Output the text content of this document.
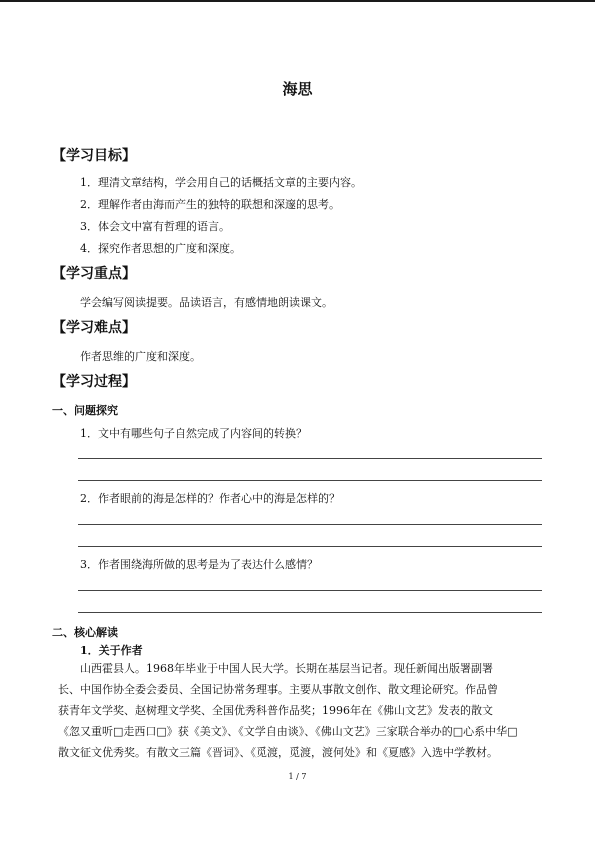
海思
【学习目标】
1．理清文章结构，学会用自己的话概括文章的主要内容。
2．理解作者由海而产生的独特的联想和深邃的思考。
3．体会文中富有哲理的语言。
4．探究作者思想的广度和深度。
【学习重点】
学会编写阅读提要。品读语言，有感情地朗读课文。
【学习难点】
作者思维的广度和深度。
【学习过程】
一、问题探究
1．文中有哪些句子自然完成了内容间的转换？
2．作者眼前的海是怎样的？作者心中的海是怎样的？
3．作者围绕海所做的思考是为了表达什么感情？
二、核心解读
1．关于作者
山西霍县人。1968年毕业于中国人民大学。长期在基层当记者。现任新闻出版署副署
长、中国作协全委会委员、全国记协常务理事。主要从事散文创作、散文理论研究。作品曾
获青年文学奖、赵树理文学奖、全国优秀科普作品奖；1996年在《佛山文艺》发表的散文
《忽又重听□走西口□》获《美文》、《文学自由谈》、《佛山文艺》三家联合举办的□心系中华□
散文征文优秀奖。有散文三篇《晋词》、《觅渡，觅渡，渡何处》和《夏感》入选中学教材。
1 / 7
